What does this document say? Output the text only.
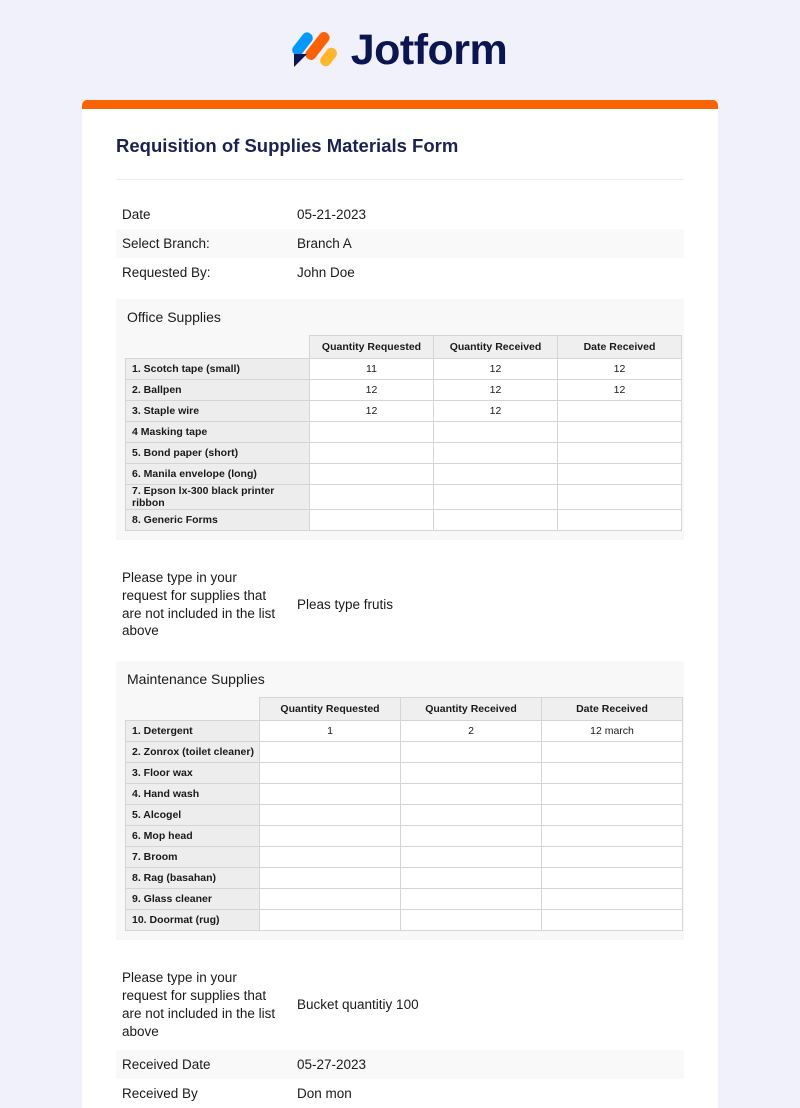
Jotform
Requisition of Supplies Materials Form
Date	05-21-2023
Select Branch:	Branch A
Requested By:	John Doe
Office Supplies
	Quantity Requested	Quantity Received	Date Received
1. Scotch tape (small)	11	12	12
2. Ballpen	12	12	12
3. Staple wire	12	12	
4 Masking tape			
5. Bond paper (short)			
6. Manila envelope (long)			
7. Epson lx-300 black printer ribbon			
8. Generic Forms			
Please type in your request for supplies that are not included in the list above	Pleas type frutis
Maintenance Supplies
	Quantity Requested	Quantity Received	Date Received
1. Detergent	1	2	12 march
2. Zonrox (toilet cleaner)			
3. Floor wax			
4. Hand wash			
5. Alcogel			
6. Mop head			
7. Broom			
8. Rag (basahan)			
9. Glass cleaner			
10. Doormat (rug)			
Please type in your request for supplies that are not included in the list above	Bucket quantitiy 100
Received Date	05-27-2023
Received By	Don mon
